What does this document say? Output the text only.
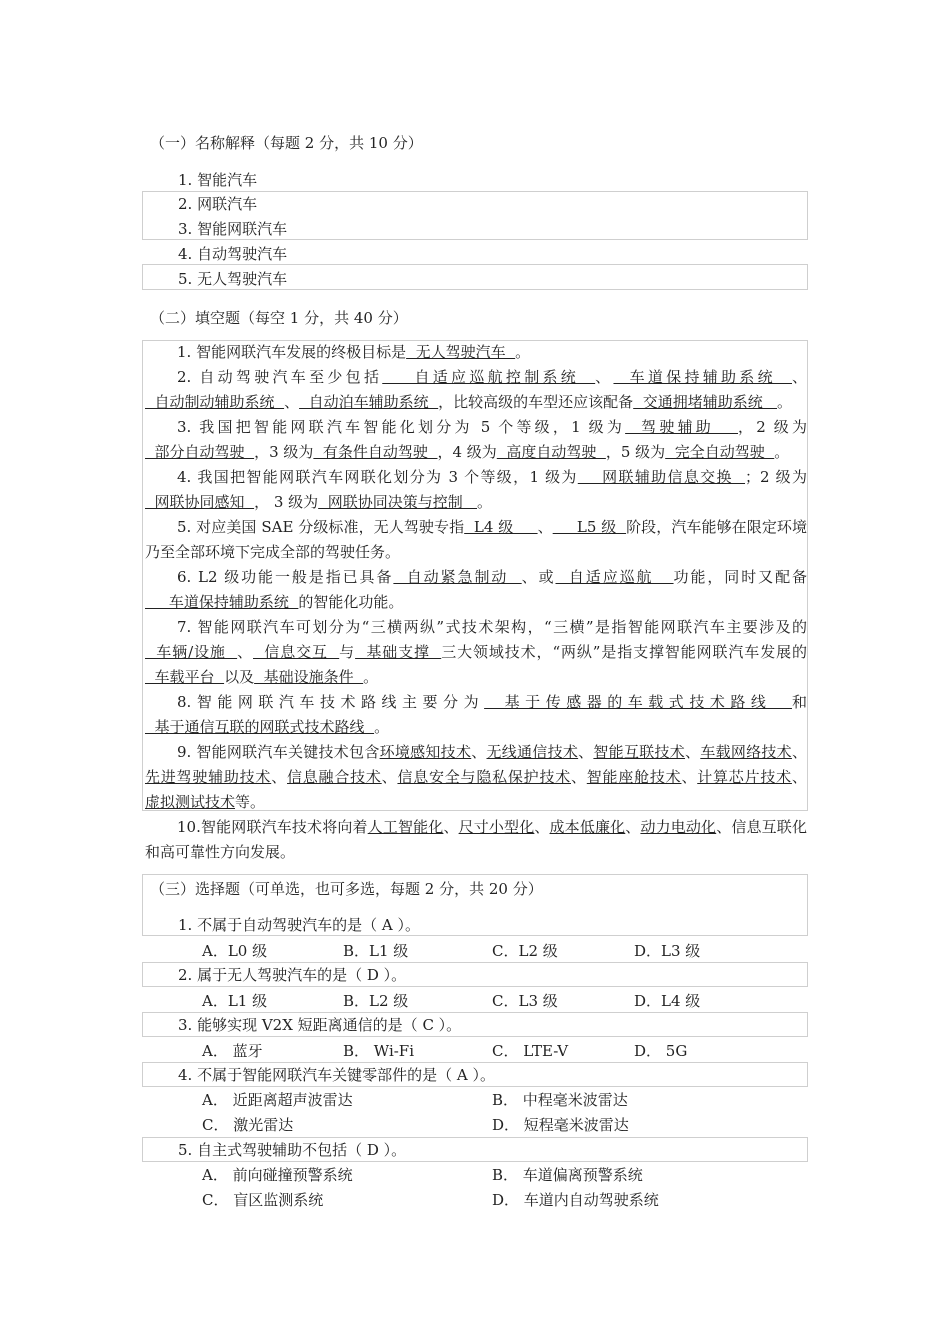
（一）名称解释（每题 2 分，共 10 分）
1. 智能汽车
2. 网联汽车
3. 智能网联汽车
4. 自动驾驶汽车
5. 无人驾驶汽车
（二）填空题（每空 1 分，共 40 分）
1. 智能网联汽车发展的终极目标是  无人驾驶汽车  。
2. 自动驾驶汽车至少包括    自适应巡航控制系统  、  车道保持辅助系统  、  自动制动辅助系统  、  自动泊车辅助系统  ，比较高级的车型还应该配备  交通拥堵辅助系统   。
3. 我国把智能网联汽车智能化划分为 5 个等级，1 级为  驾驶辅助   ，2 级为  部分自动驾驶  ，3 级为  有条件自动驾驶  ，4 级为  高度自动驾驶  ，5 级为  完全自动驾驶  。
4. 我国把智能网联汽车网联化划分为 3 个等级，1 级为    网联辅助信息交换  ；2 级为  网联协同感知  ， 3 级为  网联协同决策与控制   。
5. 对应美国 SAE 分级标准，无人驾驶专指  L4 级     、     L5 级  阶段，汽车能够在限定环境乃至全部环境下完成全部的驾驶任务。
6. L2 级功能一般是指已具备  自动紧急制动  、或  自适应巡航   功能，同时又配备     车道保持辅助系统  的智能化功能。
7. 智能网联汽车可划分为“三横两纵”式技术架构，“三横”是指智能网联汽车主要涉及的  车辆/设施  、  信息交互  与  基础支撑  三大领域技术，“两纵”是指支撑智能网联汽车发展的  车载平台  以及  基础设施条件  。
8.智能网联汽车技术路线主要分为  基于传感器的车载式技术路线  和  基于通信互联的网联式技术路线  。
9. 智能网联汽车关键技术包含环境感知技术、无线通信技术、智能互联技术、车载网络技术、先进驾驶辅助技术、信息融合技术、信息安全与隐私保护技术、智能座舱技术、计算芯片技术、虚拟测试技术等。
10.智能网联汽车技术将向着人工智能化、尺寸小型化、成本低廉化、动力电动化、信息互联化和高可靠性方向发展。
（三）选择题（可单选，也可多选，每题 2 分，共 20 分）
1. 不属于自动驾驶汽车的是（ A ）。
A．L0 级	B．L1 级	C．L2 级	D．L3 级
2. 属于无人驾驶汽车的是（ D ）。
A．L1 级	B．L2 级	C．L3 级	D．L4 级
3. 能够实现 V2X 短距离通信的是（ C ）。
A． 蓝牙	B． Wi-Fi	C． LTE-V	D． 5G
4. 不属于智能网联汽车关键零部件的是（ A ）。
A． 近距离超声波雷达	B． 中程毫米波雷达
C． 激光雷达	D． 短程毫米波雷达
5. 自主式驾驶辅助不包括（ D ）。
A． 前向碰撞预警系统	B． 车道偏离预警系统
C． 盲区监测系统	D． 车道内自动驾驶系统
